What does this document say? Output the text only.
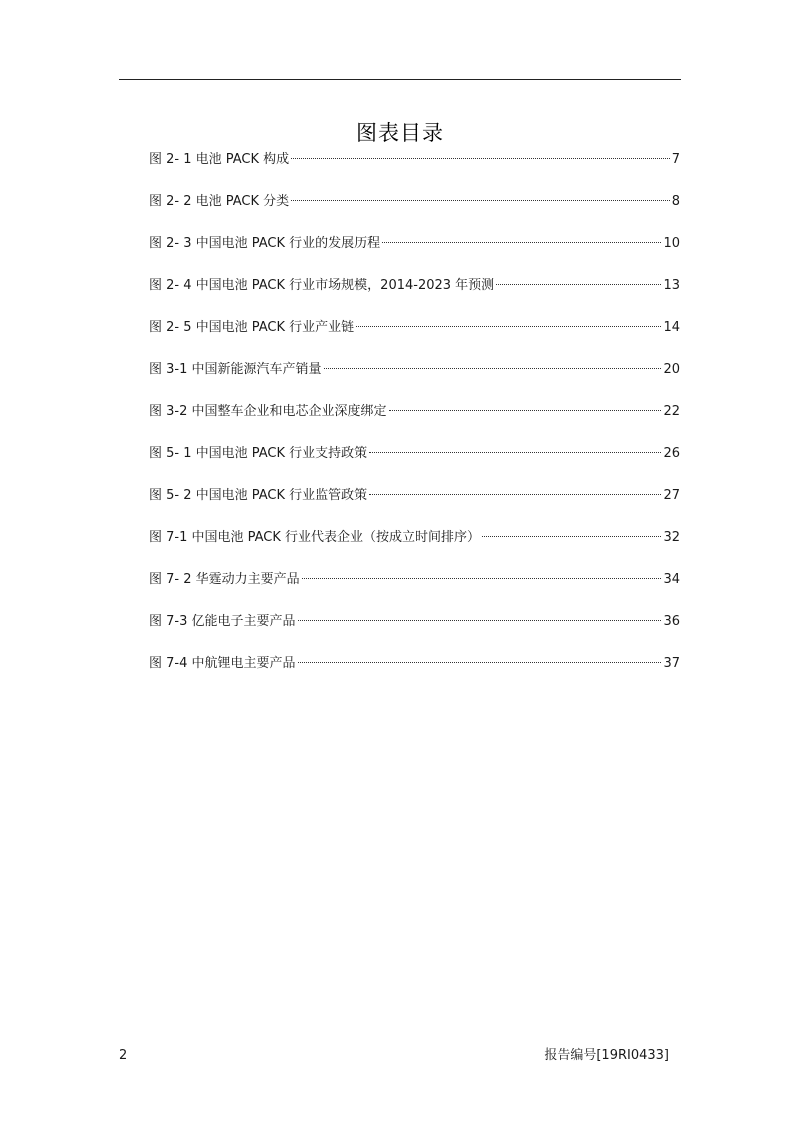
图表目录
图 2- 1 电池 PACK 构成	7
图 2- 2 电池 PACK 分类	8
图 2- 3 中国电池 PACK 行业的发展历程	10
图 2- 4 中国电池 PACK 行业市场规模，2014-2023 年预测	13
图 2- 5 中国电池 PACK 行业产业链	14
图 3-1 中国新能源汽车产销量	20
图 3-2 中国整车企业和电芯企业深度绑定	22
图 5- 1 中国电池 PACK 行业支持政策	26
图 5- 2 中国电池 PACK 行业监管政策	27
图 7-1 中国电池 PACK 行业代表企业（按成立时间排序）	32
图 7- 2 华霆动力主要产品	34
图 7-3 亿能电子主要产品	36
图 7-4 中航锂电主要产品	37
2	报告编号[19RI0433]
